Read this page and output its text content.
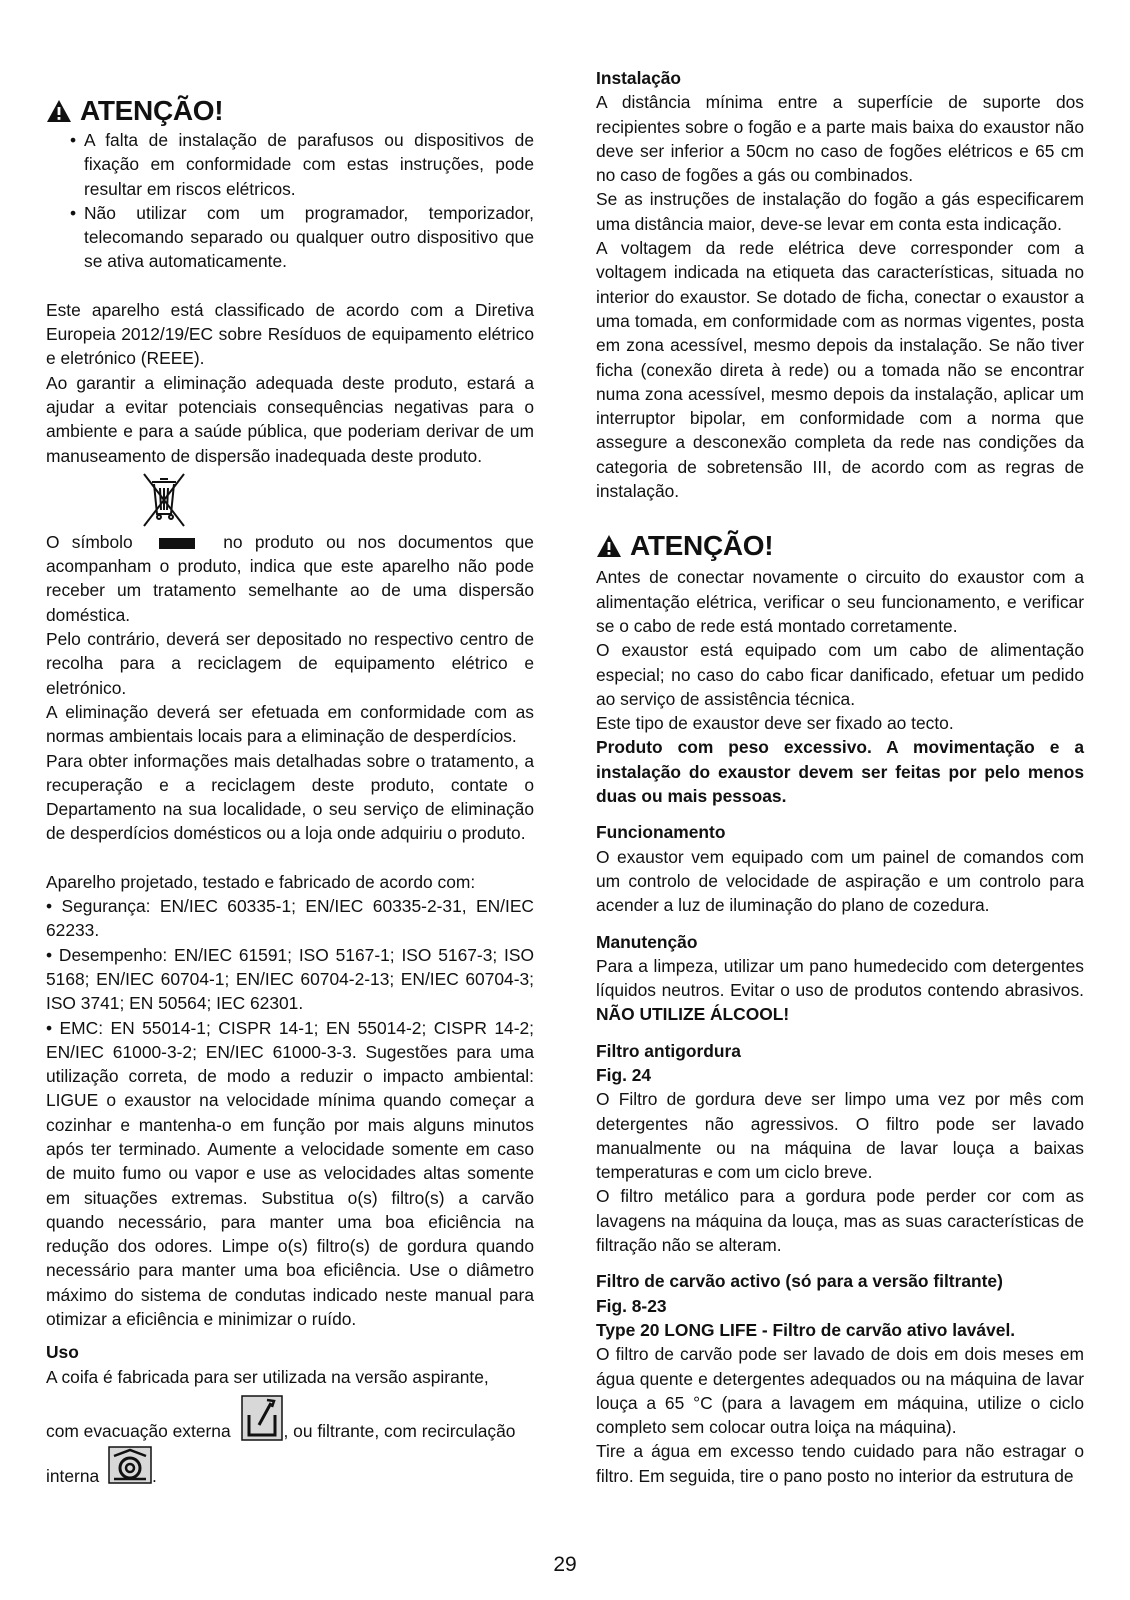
ATENÇÃO!
• A falta de instalação de parafusos ou dispositivos de fixação em conformidade com estas instruções, pode resultar em riscos elétricos.
• Não utilizar com um programador, temporizador, telecomando separado ou qualquer outro dispositivo que se ativa automaticamente.

Este aparelho está classificado de acordo com a Diretiva Europeia 2012/19/EC sobre Resíduos de equipamento elétrico e eletrónico (REEE).

Ao garantir a eliminação adequada deste produto, estará a ajudar a evitar potenciais consequências negativas para o ambiente e para a saúde pública, que poderiam derivar de um manuseamento de dispersão inadequada deste produto.

O símbolo	no produto ou nos documentos que acompanham o produto, indica que este aparelho não pode receber um tratamento semelhante ao de uma dispersão doméstica.

Pelo contrário, deverá ser depositado no respectivo centro de recolha para a reciclagem de equipamento elétrico e eletrónico.

A eliminação deverá ser efetuada em conformidade com as normas ambientais locais para a eliminação de desperdícios.

Para obter informações mais detalhadas sobre o tratamento, a recuperação e a reciclagem deste produto, contate o Departamento na sua localidade, o seu serviço de eliminação de desperdícios domésticos ou a loja onde adquiriu o produto.

Aparelho projetado, testado e fabricado de acordo com:

• Segurança: EN/IEC 60335-1; EN/IEC 60335-2-31, EN/IEC 62233.

• Desempenho: EN/IEC 61591; ISO 5167-1; ISO 5167-3; ISO 5168; EN/IEC 60704-1; EN/IEC 60704-2-13; EN/IEC 60704-3; ISO 3741; EN 50564; IEC 62301.

• EMC: EN 55014-1; CISPR 14-1; EN 55014-2; CISPR 14-2; EN/IEC 61000-3-2; EN/IEC 61000-3-3. Sugestões para uma utilização correta, de modo a reduzir o impacto ambiental: LIGUE o exaustor na velocidade mínima quando começar a cozinhar e mantenha-o em função por mais alguns minutos após ter terminado. Aumente a velocidade somente em caso de muito fumo ou vapor e use as velocidades altas somente em situações extremas. Substitua o(s) filtro(s) a carvão quando necessário, para manter uma boa eficiência na redução dos odores. Limpe o(s) filtro(s) de gordura quando necessário para manter uma boa eficiência. Use o diâmetro máximo do sistema de condutas indicado neste manual para otimizar a eficiência e minimizar o ruído.

Uso

A coifa é fabricada para ser utilizada na versão aspirante,

com evacuação externa	, ou filtrante, com recirculação

interna	.

Instalação

A distância mínima entre a superfície de suporte dos recipientes sobre o fogão e a parte mais baixa do exaustor não deve ser inferior a 50cm no caso de fogões elétricos e 65 cm no caso de fogões a gás ou combinados.

Se as instruções de instalação do fogão a gás especificarem uma distância maior, deve-se levar em conta esta indicação.

A voltagem da rede elétrica deve corresponder com a voltagem indicada na etiqueta das características, situada no interior do exaustor. Se dotado de ficha, conectar o exaustor a uma tomada, em conformidade com as normas vigentes, posta em zona acessível, mesmo depois da instalação. Se não tiver ficha (conexão direta à rede) ou a tomada não se encontrar numa zona acessível, mesmo depois da instalação, aplicar um interruptor bipolar, em conformidade com a norma que assegure a desconexão completa da rede nas condições da categoria de sobretensão III, de acordo com as regras de instalação.

ATENÇÃO!

Antes de conectar novamente o circuito do exaustor com a alimentação elétrica, verificar o seu funcionamento, e verificar se o cabo de rede está montado corretamente.

O exaustor está equipado com um cabo de alimentação especial; no caso do cabo ficar danificado, efetuar um pedido ao serviço de assistência técnica.

Este tipo de exaustor deve ser fixado ao tecto.

Produto com peso excessivo. A movimentação e a instalação do exaustor devem ser feitas por pelo menos duas ou mais pessoas.

Funcionamento

O exaustor vem equipado com um painel de comandos com um controlo de velocidade de aspiração e um controlo para acender a luz de iluminação do plano de cozedura.

Manutenção

Para a limpeza, utilizar um pano humedecido com detergentes líquidos neutros. Evitar o uso de produtos contendo abrasivos. NÃO UTILIZE ÁLCOOL!

Filtro antigordura
Fig. 24

O Filtro de gordura deve ser limpo uma vez por mês com detergentes não agressivos. O filtro pode ser lavado manualmente ou na máquina de lavar louça a baixas temperaturas e com um ciclo breve.

O filtro metálico para a gordura pode perder cor com as lavagens na máquina da louça, mas as suas características de filtração não se alteram.

Filtro de carvão activo (só para a versão filtrante)
Fig. 8-23
Type 20 LONG LIFE - Filtro de carvão ativo lavável.

O filtro de carvão pode ser lavado de dois em dois meses em água quente e detergentes adequados ou na máquina de lavar louça a 65 °C (para a lavagem em máquina, utilize o ciclo completo sem colocar outra loiça na máquina).

Tire a água em excesso tendo cuidado para não estragar o filtro. Em seguida, tire o pano posto no interior da estrutura de

29
